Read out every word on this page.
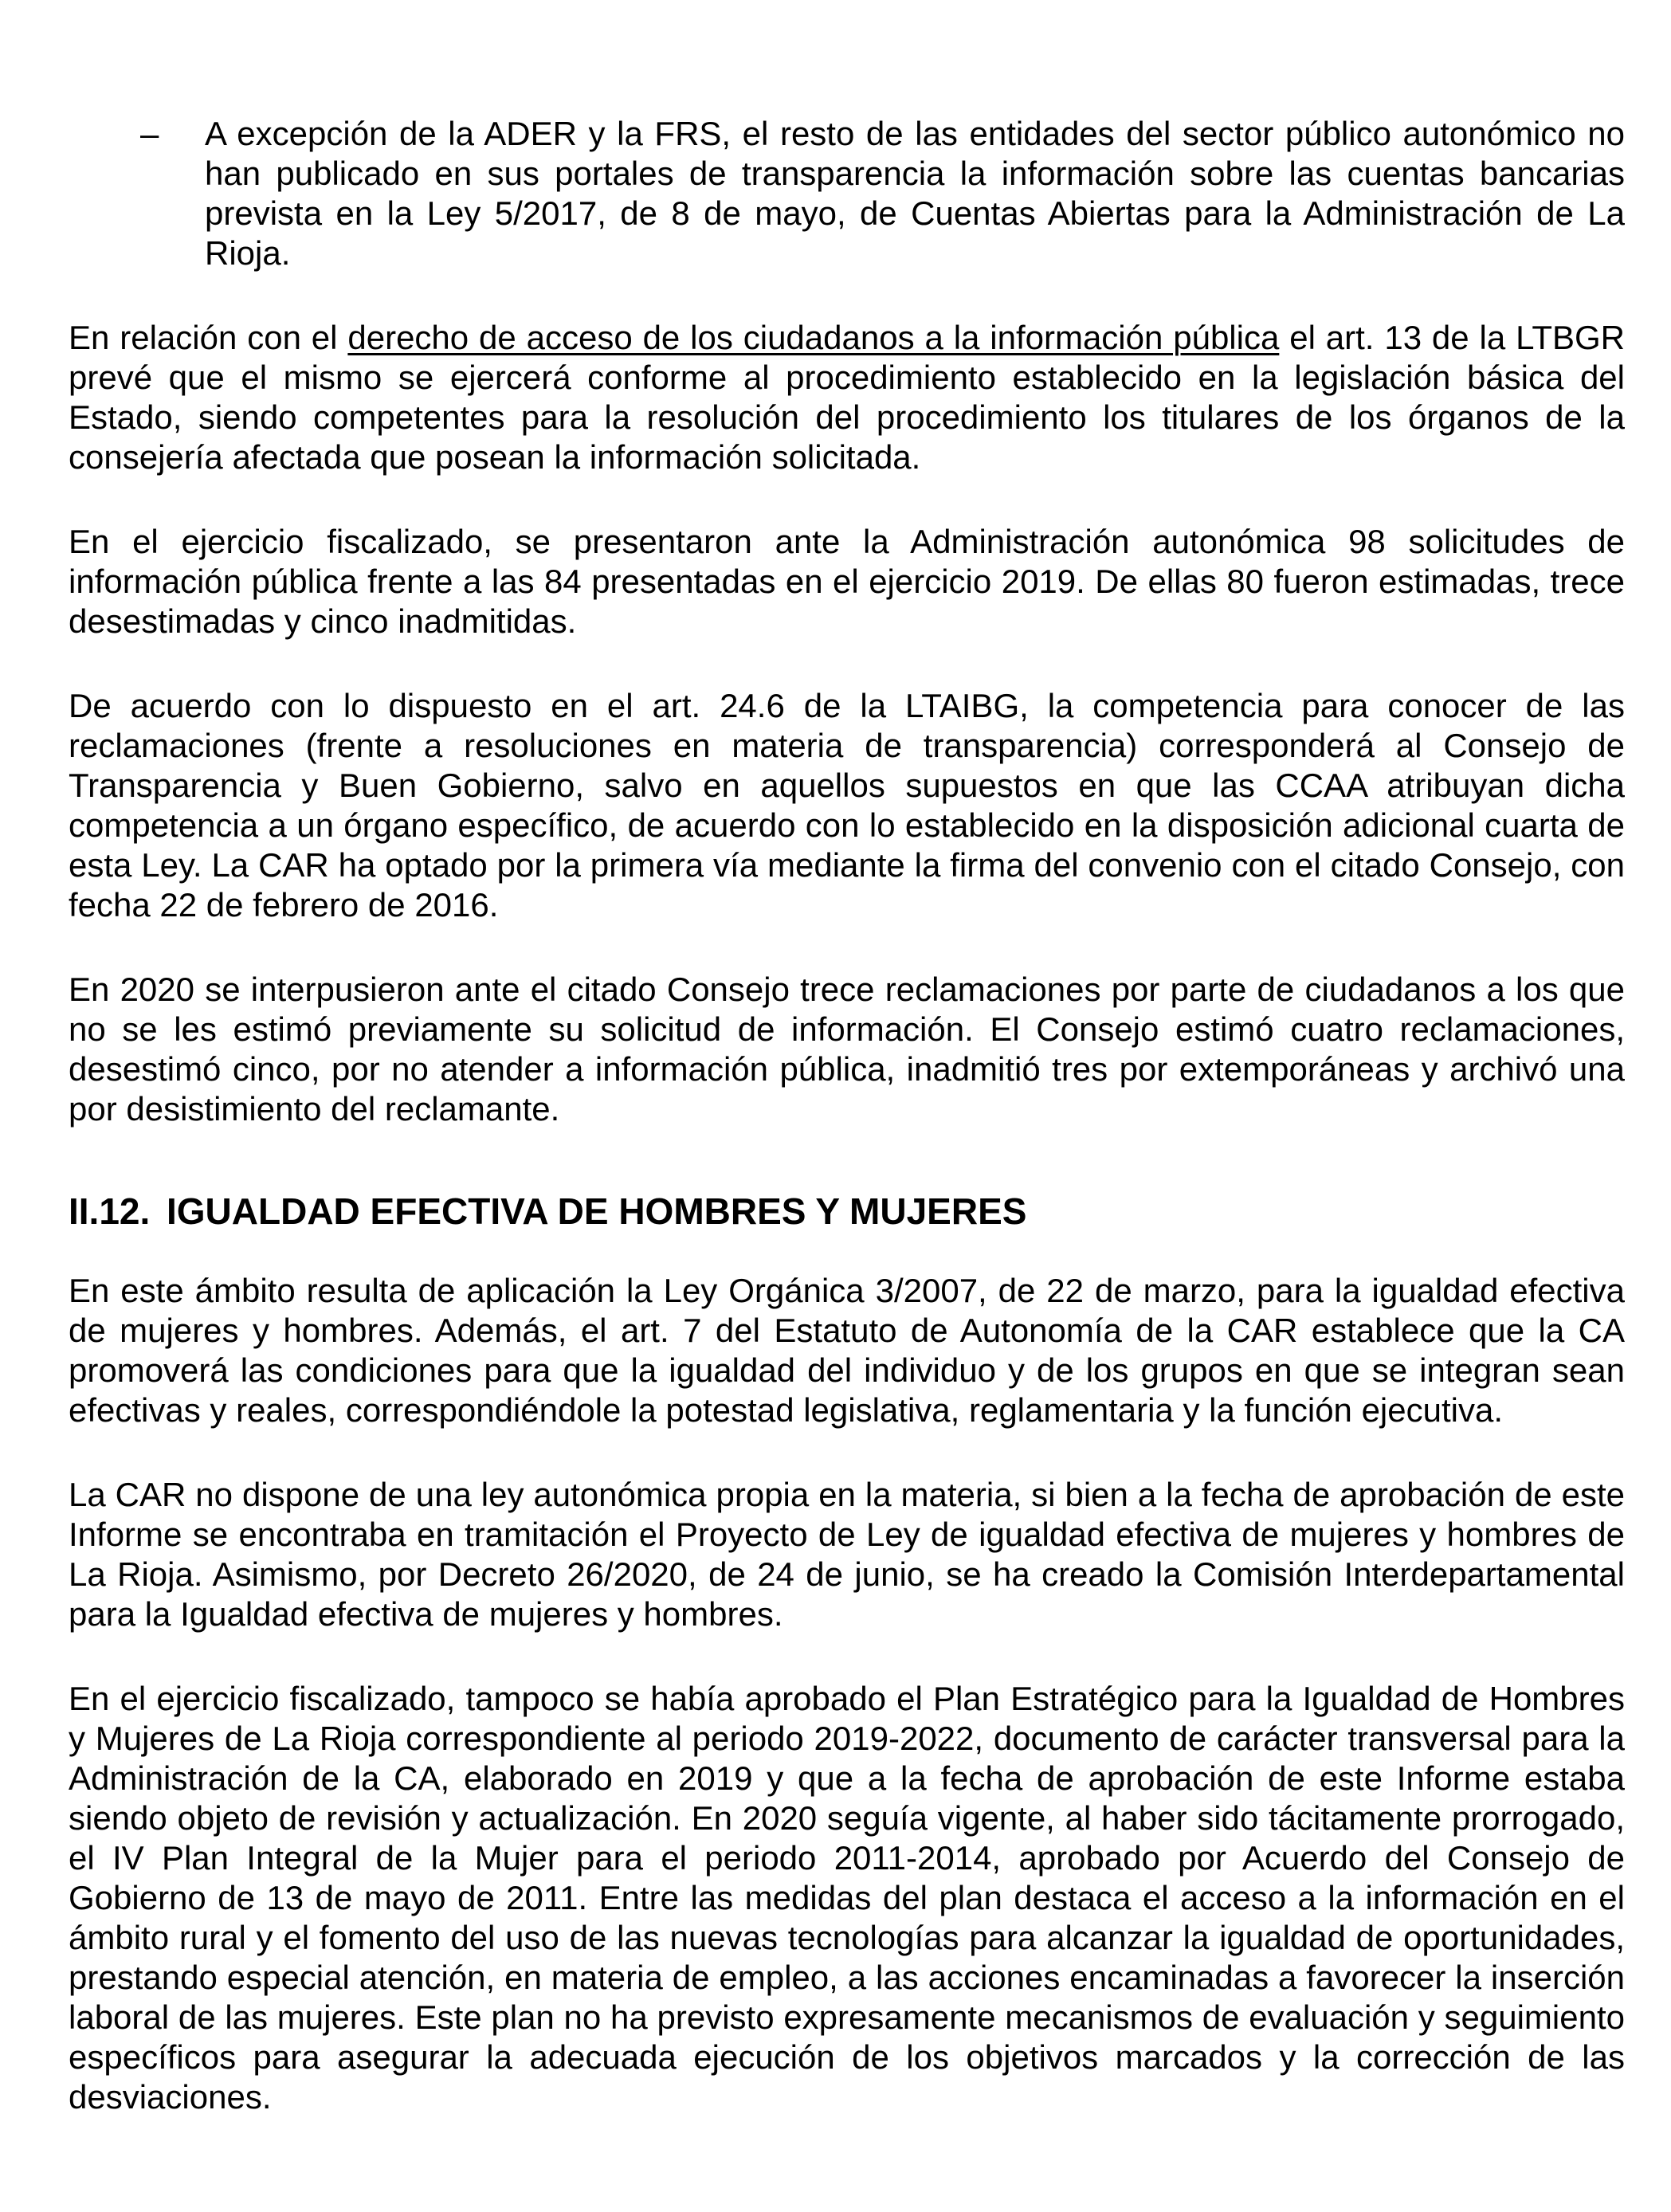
–	A excepción de la ADER y la FRS, el resto de las entidades del sector público autonómico no han publicado en sus portales de transparencia la información sobre las cuentas bancarias prevista en la Ley 5/2017, de 8 de mayo, de Cuentas Abiertas para la Administración de La Rioja.

En relación con el derecho de acceso de los ciudadanos a la información pública el art. 13 de la LTBGR prevé que el mismo se ejercerá conforme al procedimiento establecido en la legislación básica del Estado, siendo competentes para la resolución del procedimiento los titulares de los órganos de la consejería afectada que posean la información solicitada.

En el ejercicio fiscalizado, se presentaron ante la Administración autonómica 98 solicitudes de información pública frente a las 84 presentadas en el ejercicio 2019. De ellas 80 fueron estimadas, trece desestimadas y cinco inadmitidas.

De acuerdo con lo dispuesto en el art. 24.6 de la LTAIBG, la competencia para conocer de las reclamaciones (frente a resoluciones en materia de transparencia) corresponderá al Consejo de Transparencia y Buen Gobierno, salvo en aquellos supuestos en que las CCAA atribuyan dicha competencia a un órgano específico, de acuerdo con lo establecido en la disposición adicional cuarta de esta Ley. La CAR ha optado por la primera vía mediante la firma del convenio con el citado Consejo, con fecha 22 de febrero de 2016.

En 2020 se interpusieron ante el citado Consejo trece reclamaciones por parte de ciudadanos a los que no se les estimó previamente su solicitud de información. El Consejo estimó cuatro reclamaciones, desestimó cinco, por no atender a información pública, inadmitió tres por extemporáneas y archivó una por desistimiento del reclamante.

II.12. IGUALDAD EFECTIVA DE HOMBRES Y MUJERES

En este ámbito resulta de aplicación la Ley Orgánica 3/2007, de 22 de marzo, para la igualdad efectiva de mujeres y hombres. Además, el art. 7 del Estatuto de Autonomía de la CAR establece que la CA promoverá las condiciones para que la igualdad del individuo y de los grupos en que se integran sean efectivas y reales, correspondiéndole la potestad legislativa, reglamentaria y la función ejecutiva.

La CAR no dispone de una ley autonómica propia en la materia, si bien a la fecha de aprobación de este Informe se encontraba en tramitación el Proyecto de Ley de igualdad efectiva de mujeres y hombres de La Rioja. Asimismo, por Decreto 26/2020, de 24 de junio, se ha creado la Comisión Interdepartamental para la Igualdad efectiva de mujeres y hombres.

En el ejercicio fiscalizado, tampoco se había aprobado el Plan Estratégico para la Igualdad de Hombres y Mujeres de La Rioja correspondiente al periodo 2019-2022, documento de carácter transversal para la Administración de la CA, elaborado en 2019 y que a la fecha de aprobación de este Informe estaba siendo objeto de revisión y actualización. En 2020 seguía vigente, al haber sido tácitamente prorrogado, el IV Plan Integral de la Mujer para el periodo 2011-2014, aprobado por Acuerdo del Consejo de Gobierno de 13 de mayo de 2011. Entre las medidas del plan destaca el acceso a la información en el ámbito rural y el fomento del uso de las nuevas tecnologías para alcanzar la igualdad de oportunidades, prestando especial atención, en materia de empleo, a las acciones encaminadas a favorecer la inserción laboral de las mujeres. Este plan no ha previsto expresamente mecanismos de evaluación y seguimiento específicos para asegurar la adecuada ejecución de los objetivos marcados y la corrección de las desviaciones.
